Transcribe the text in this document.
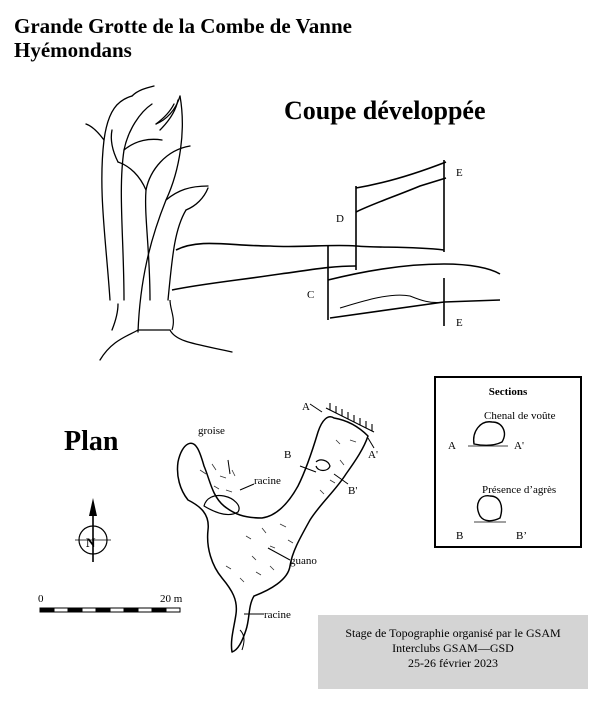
Grande Grotte de la Combe de Vanne
Hyémondans
Coupe développée
Plan
D
C
E
E
A
A'
B
B'
groise
racine
guano
racine
N
0	20 m
Sections
Chenal de voûte
A	A'
Présence d’agrès
B	B’
Stage de Topographie organisé par le GSAM
Interclubs GSAM—GSD
25-26 février 2023
